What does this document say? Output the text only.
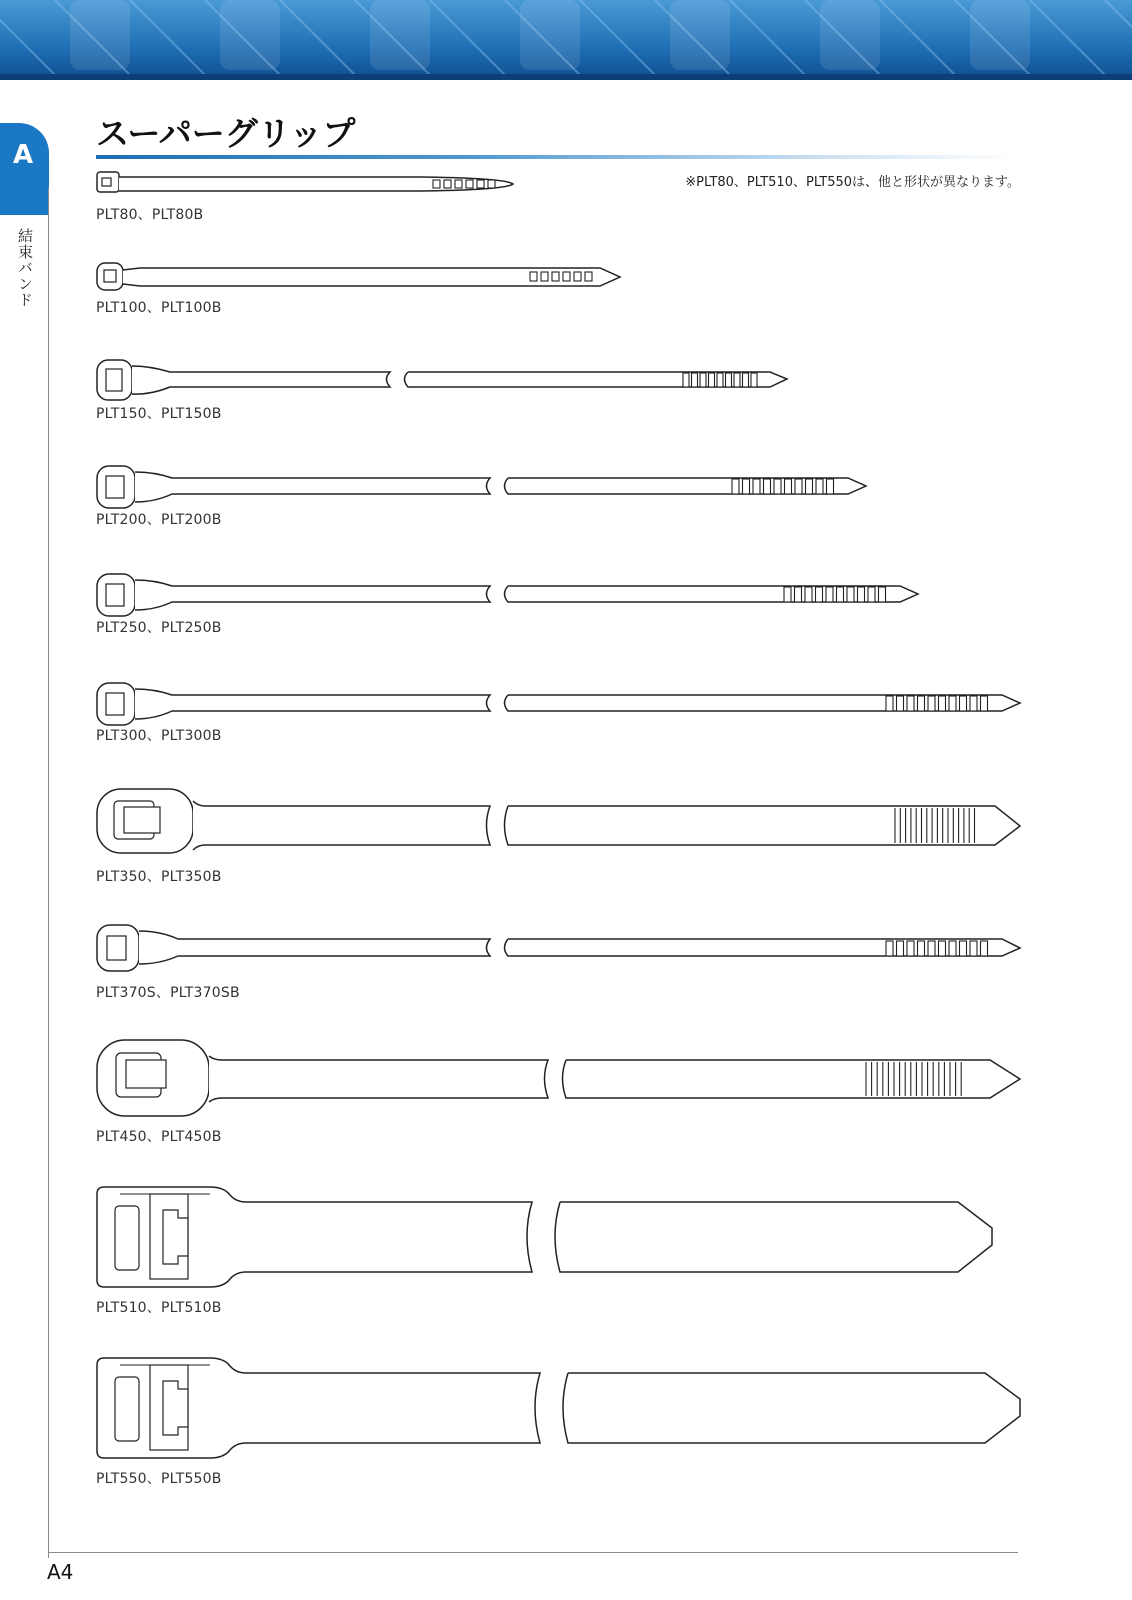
A
結束バンド
スーパーグリップ
※PLT80、PLT510、PLT550は、他と形状が異なります。
PLT80、PLT80B
PLT100、PLT100B
PLT150、PLT150B
PLT200、PLT200B
PLT250、PLT250B
PLT300、PLT300B
PLT350、PLT350B
PLT370S、PLT370SB
PLT450、PLT450B
PLT510、PLT510B
PLT550、PLT550B
A4
